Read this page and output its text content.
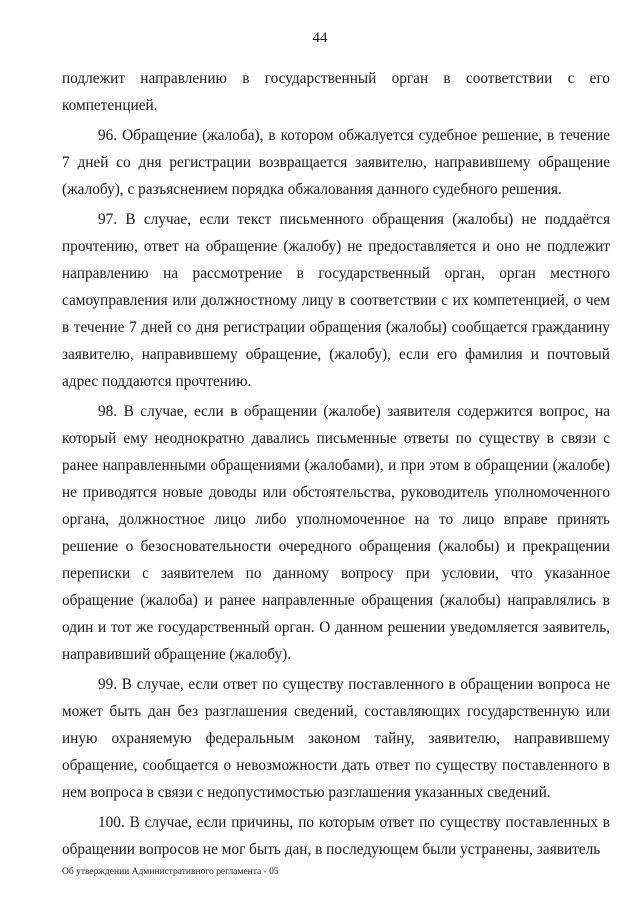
44

подлежит направлению в государственный орган в соответствии с его компетенцией.

96. Обращение (жалоба), в котором обжалуется судебное решение, в течение 7 дней со дня регистрации возвращается заявителю, направившему обращение (жалобу), с разъяснением порядка обжалования данного судебного решения.

97. В случае, если текст письменного обращения (жалобы) не поддаётся прочтению, ответ на обращение (жалобу) не предоставляется и оно не подлежит направлению на рассмотрение в государственный орган, орган местного самоуправления или должностному лицу в соответствии с их компетенцией, о чем в течение 7 дней со дня регистрации обращения (жалобы) сообщается гражданину заявителю, направившему обращение, (жалобу), если его фамилия и почтовый адрес поддаются прочтению.

98. В случае, если в обращении (жалобе) заявителя содержится вопрос, на который ему неоднократно давались письменные ответы по существу в связи с ранее направленными обращениями (жалобами), и при этом в обращении (жалобе) не приводятся новые доводы или обстоятельства, руководитель уполномоченного органа, должностное лицо либо уполномоченное на то лицо вправе принять решение о безосновательности очередного обращения (жалобы) и прекращении переписки с заявителем по данному вопросу при условии, что указанное обращение (жалоба) и ранее направленные обращения (жалобы) направлялись в один и тот же государственный орган. О данном решении уведомляется заявитель, направивший обращение (жалобу).

99. В случае, если ответ по существу поставленного в обращении вопроса не может быть дан без разглашения сведений, составляющих государственную или иную охраняемую федеральным законом тайну, заявителю, направившему обращение, сообщается о невозможности дать ответ по существу поставленного в нем вопроса в связи с недопустимостью разглашения указанных сведений.

100. В случае, если причины, по которым ответ по существу поставленных в обращении вопросов не мог быть дан, в последующем были устранены, заявитель

Об утверждении Административного регламента - 05
